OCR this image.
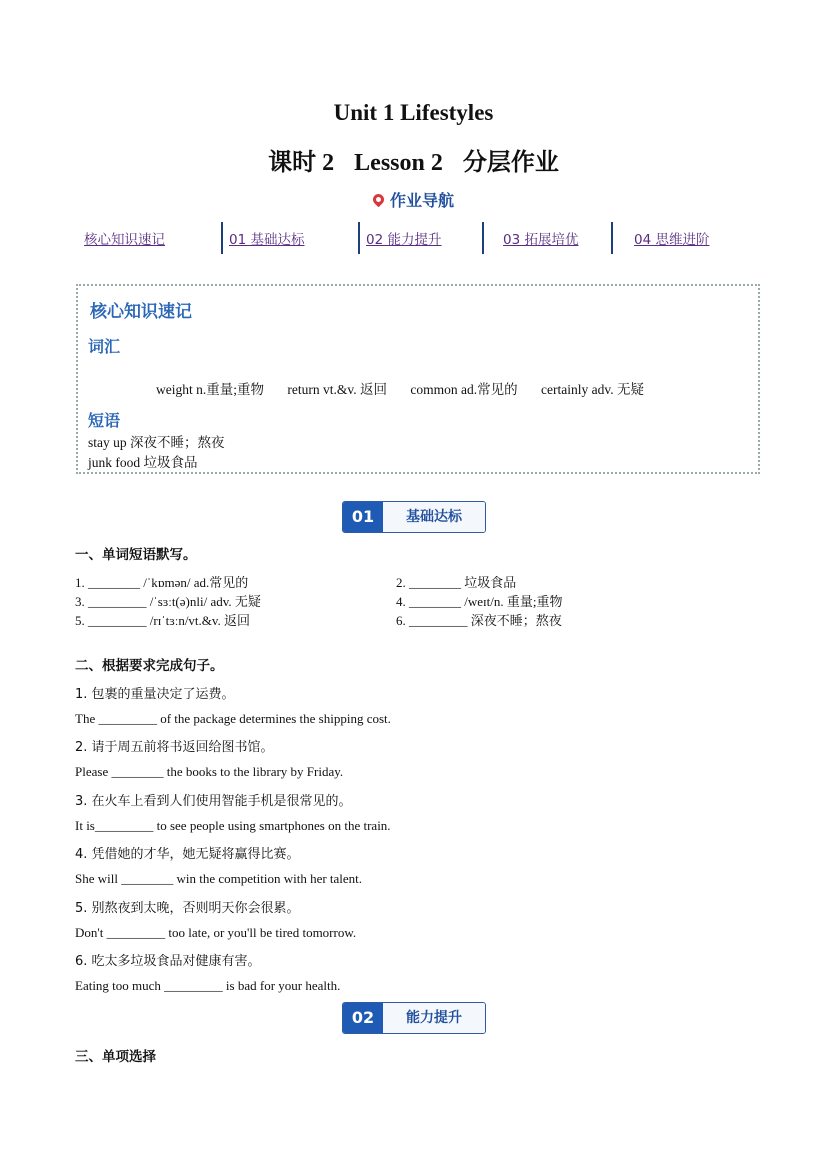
Unit 1 Lifestyles
课时 2 Lesson 2 分层作业
作业导航
核心知识速记	01 基础达标	02 能力提升	03 拓展培优	04 思维进阶
核心知识速记
词汇
weight n.重量;重物 return vt.&v. 返回 common ad.常见的 certainly adv. 无疑
短语
stay up 深夜不睡；熬夜
junk food 垃圾食品
01	基础达标
一、单词短语默写。
1. ________ /ˈkɒmən/ ad.常见的	2. ________ 垃圾食品
3. _________ /ˈsɜːt(ə)nli/ adv. 无疑	4. ________ /weɪt/n. 重量;重物
5. _________ /rɪˈtɜːn/vt.&v. 返回	6. _________ 深夜不睡；熬夜
二、根据要求完成句子。
1. 包裹的重量决定了运费。
The _________ of the package determines the shipping cost.
2. 请于周五前将书返回给图书馆。
Please ________ the books to the library by Friday.
3. 在火车上看到人们使用智能手机是很常见的。
It is_________ to see people using smartphones on the train.
4. 凭借她的才华，她无疑将赢得比赛。
She will ________ win the competition with her talent.
5. 别熬夜到太晚，否则明天你会很累。
Don't _________ too late, or you'll be tired tomorrow.
6. 吃太多垃圾食品对健康有害。
Eating too much _________ is bad for your health.
02	能力提升
三、单项选择
